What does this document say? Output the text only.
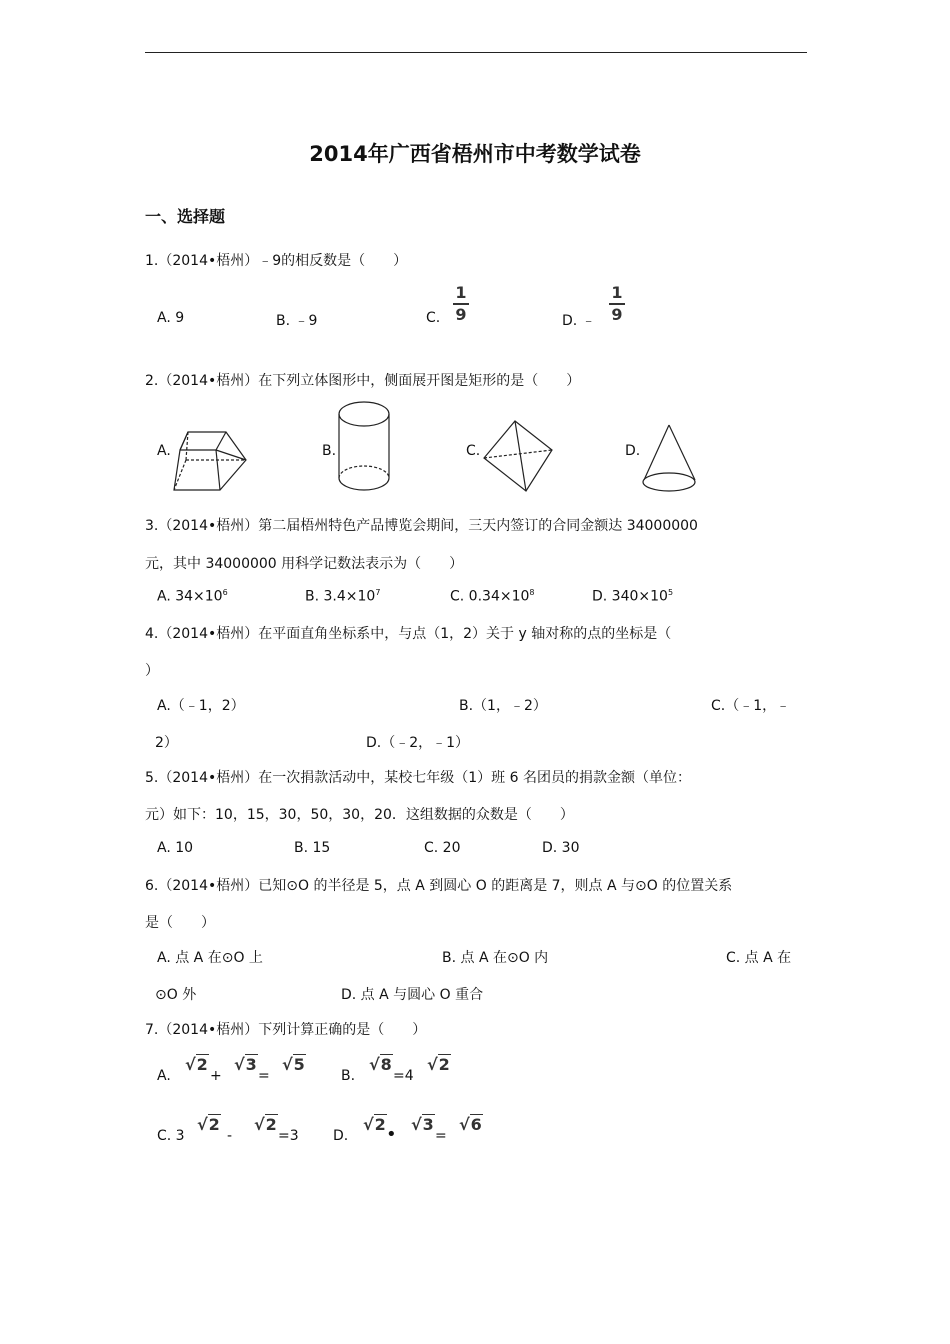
2014年广西省梧州市中考数学试卷
一、选择题
1.（2014•梧州）﹣9的相反数是（　　）
A. 9	B. ﹣9	C.
1
9	D. ﹣
1
9
2.（2014•梧州）在下列立体图形中，侧面展开图是矩形的是（　　）
A.	B.	C.	D.
3.（2014•梧州）第二届梧州特色产品博览会期间，三天内签订的合同金额达 34000000
元，其中 34000000 用科学记数法表示为（　　）
A. $34\times 10^6$	B. $3.4\times 10^7$	C. $0.34\times 10^8$	D. $340\times 10^5$
4.（2014•梧州）在平面直角坐标系中，与点（1，2）关于 y 轴对称的点的坐标是（
）
A.（﹣1，2）	B.（1，﹣2）	C.（﹣1，﹣
2）	D.（﹣2，﹣1）
5.（2014•梧州）在一次捐款活动中，某校七年级（1）班 6 名团员的捐款金额（单位：
元）如下：10，15，30，50，30，20．这组数据的众数是（　　）
A. 10	B. 15	C. 20	D. 30
6.（2014•梧州）已知⊙O 的半径是 5，点 A 到圆心 O 的距离是 7，则点 A 与⊙O 的位置关系
是（　　）
A. 点 A 在⊙O 上	B. 点 A 在⊙O 内	C. 点 A 在
⊙O 外	D. 点 A 与圆心 O 重合
7.（2014•梧州）下列计算正确的是（　　）
A.
√2
+
√3
=
√5
B.
√8
=4
√2
C. 3
√2
-
√2
=3 D.
√2 • √3
=
√6
